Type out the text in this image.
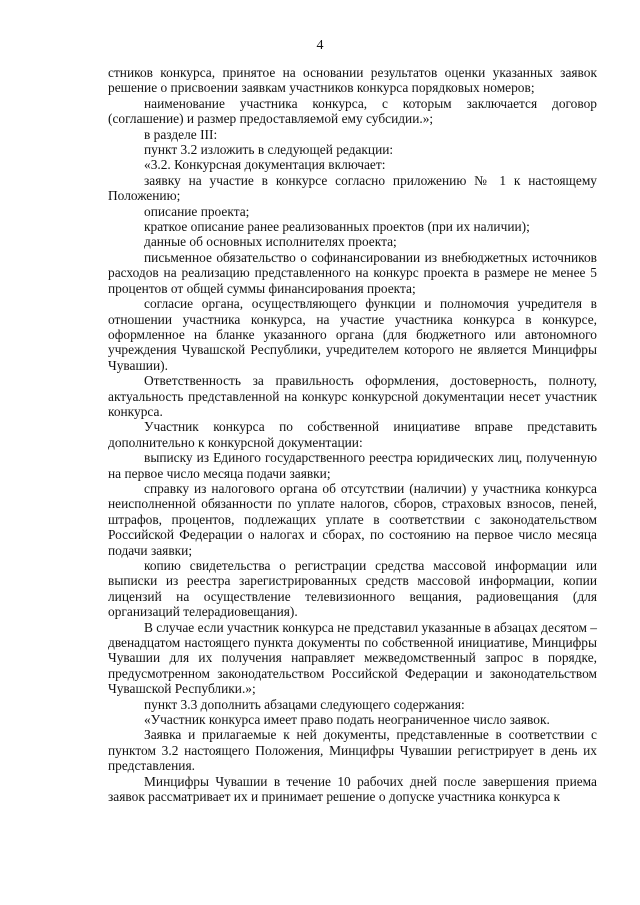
4

стников конкурса, принятое на основании результатов оценки указанных заявок решение о присвоении заявкам участников конкурса порядковых номеров;

наименование участника конкурса, с которым заключается договор (соглашение) и размер предоставляемой ему субсидии.»;

в разделе III:

пункт 3.2 изложить в следующей редакции:

«3.2. Конкурсная документация включает:

заявку на участие в конкурсе согласно приложению № 1 к настоящему Положению;

описание проекта;

краткое описание ранее реализованных проектов (при их наличии);

данные об основных исполнителях проекта;

письменное обязательство о софинансировании из внебюджетных источников расходов на реализацию представленного на конкурс проекта в размере не менее 5 процентов от общей суммы финансирования проекта;

согласие органа, осуществляющего функции и полномочия учредителя в отношении участника конкурса, на участие участника конкурса в конкурсе, оформленное на бланке указанного органа (для бюджетного или автономного учреждения Чувашской Республики, учредителем которого не является Минцифры Чувашии).

Ответственность за правильность оформления, достоверность, полноту, актуальность представленной на конкурс конкурсной документации несет участник конкурса.

Участник конкурса по собственной инициативе вправе представить дополнительно к конкурсной документации:

выписку из Единого государственного реестра юридических лиц, полученную на первое число месяца подачи заявки;

справку из налогового органа об отсутствии (наличии) у участника конкурса неисполненной обязанности по уплате налогов, сборов, страховых взносов, пеней, штрафов, процентов, подлежащих уплате в соответствии с законодательством Российской Федерации о налогах и сборах, по состоянию на первое число месяца подачи заявки;

копию свидетельства о регистрации средства массовой информации или выписки из реестра зарегистрированных средств массовой информации, копии лицензий на осуществление телевизионного вещания, радиовещания (для организаций телерадиовещания).

В случае если участник конкурса не представил указанные в абзацах десятом – двенадцатом настоящего пункта документы по собственной инициативе, Минцифры Чувашии для их получения направляет межведомственный запрос в порядке, предусмотренном законодательством Российской Федерации и законодательством Чувашской Республики.»;

пункт 3.3 дополнить абзацами следующего содержания:

«Участник конкурса имеет право подать неограниченное число заявок.

Заявка и прилагаемые к ней документы, представленные в соответствии с пунктом 3.2 настоящего Положения, Минцифры Чувашии регистрирует в день их представления.

Минцифры Чувашии в течение 10 рабочих дней после завершения приема заявок рассматривает их и принимает решение о допуске участника конкурса к
